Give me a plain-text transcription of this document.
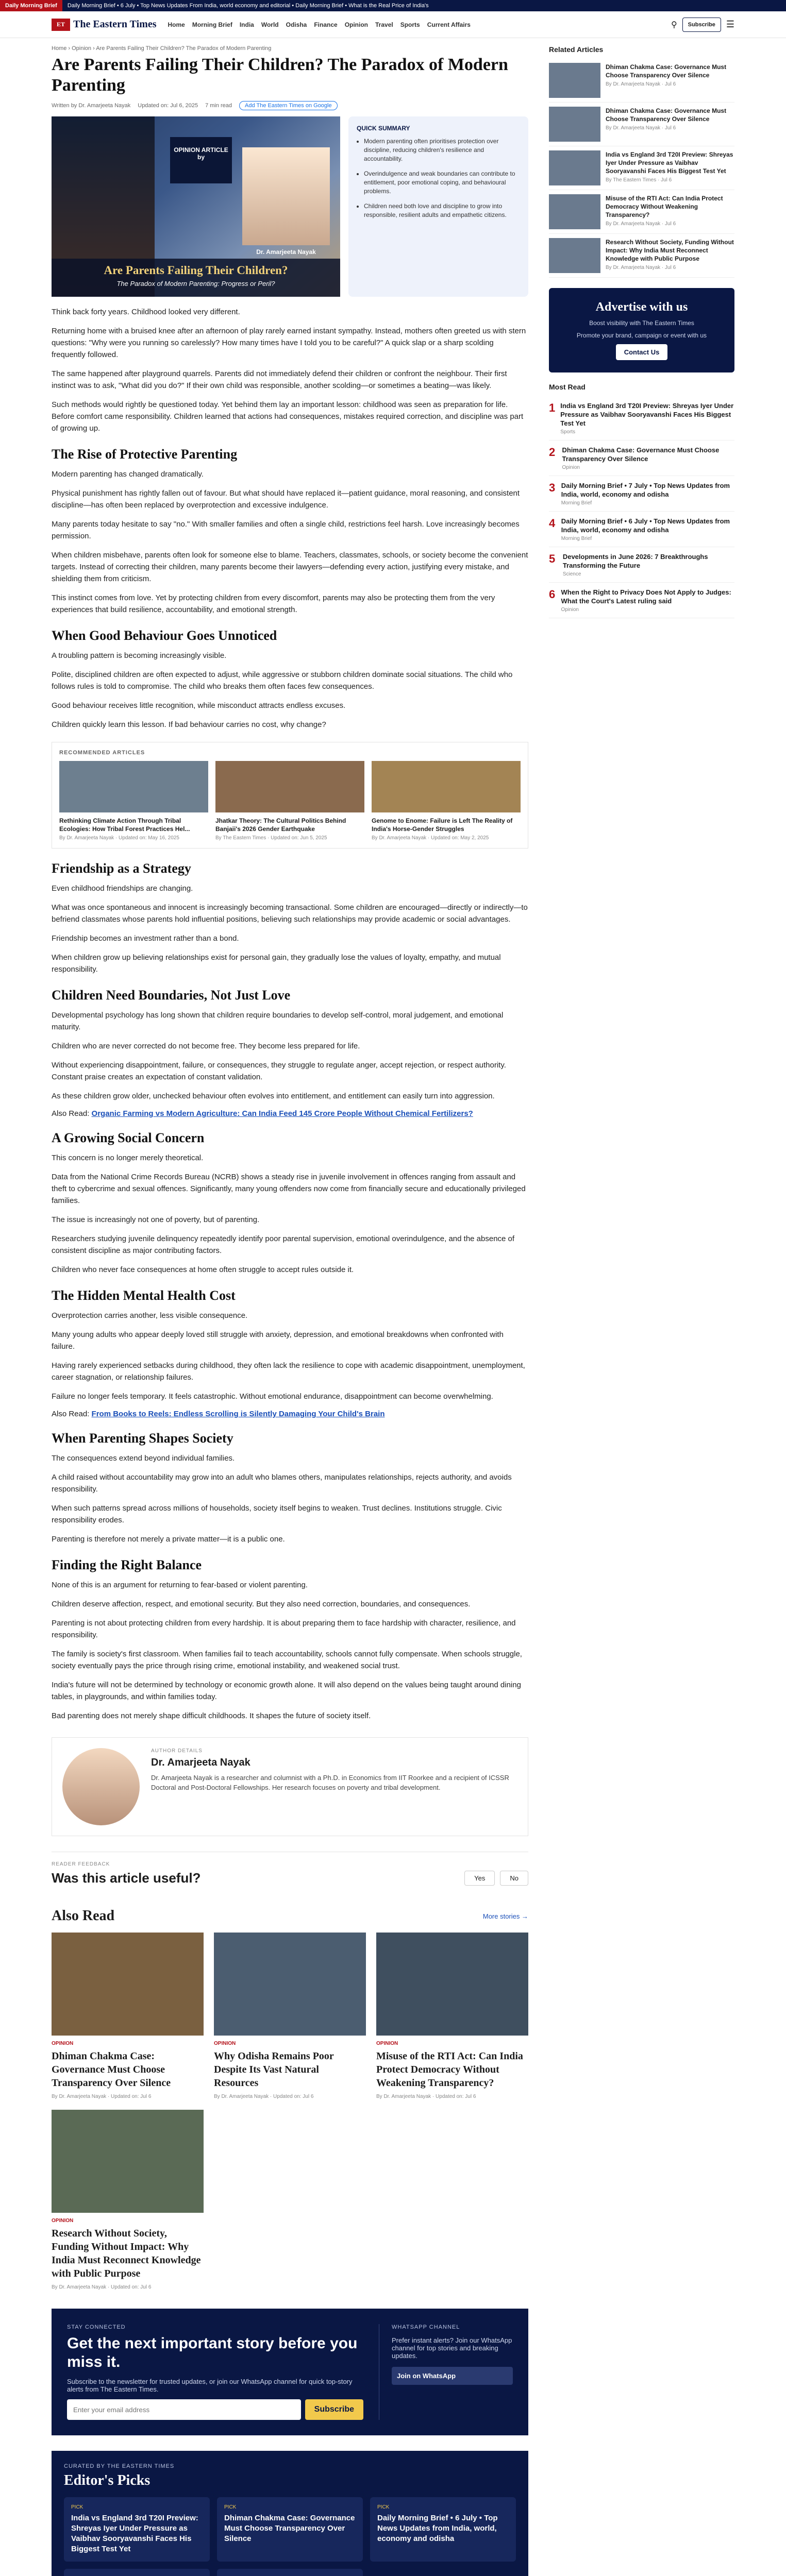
Daily Morning Brief	Daily Morning Brief • 6 July • Top News Updates From India, world economy and editorial • Daily Morning Brief • What is the Real Price of India's
ET The Eastern Times Home Morning Brief India World Odisha Finance Opinion Travel Sports Current Affairs	⚲	Subscribe	☰
Home › Opinion › Are Parents Failing Their Children? The Paradox of Modern Parenting
Are Parents Failing Their Children? The Paradox of Modern Parenting
Written by Dr. Amarjeeta Nayak Updated on: Jul 6, 2025 7 min read	Add The Eastern Times on Google
OPINION ARTICLE by
Dr. Amarjeeta Nayak
Are Parents Failing Their Children?
The Paradox of Modern Parenting: Progress or Peril?
QUICK SUMMARY
• Modern parenting often prioritises protection over discipline, reducing children's resilience and accountability.
• Overindulgence and weak boundaries can contribute to entitlement, poor emotional coping, and behavioural problems.
• Children need both love and discipline to grow into responsible, resilient adults and empathetic citizens.

Think back forty years. Childhood looked very different.

Returning home with a bruised knee after an afternoon of play rarely earned instant sympathy. Instead, mothers often greeted us with stern questions: "Why were you running so carelessly? How many times have I told you to be careful?" A quick slap or a sharp scolding frequently followed.

The same happened after playground quarrels. Parents did not immediately defend their children or confront the neighbour. Their first instinct was to ask, "What did you do?" If their own child was responsible, another scolding—or sometimes a beating—was likely.

Such methods would rightly be questioned today. Yet behind them lay an important lesson: childhood was seen as preparation for life. Before comfort came responsibility. Children learned that actions had consequences, mistakes required correction, and discipline was part of growing up.

The Rise of Protective Parenting

Modern parenting has changed dramatically.

Physical punishment has rightly fallen out of favour. But what should have replaced it—patient guidance, moral reasoning, and consistent discipline—has often been replaced by overprotection and excessive indulgence.

Many parents today hesitate to say "no." With smaller families and often a single child, restrictions feel harsh. Love increasingly becomes permission.

When children misbehave, parents often look for someone else to blame. Teachers, classmates, schools, or society become the convenient targets. Instead of correcting their children, many parents become their lawyers—defending every action, justifying every mistake, and shielding them from criticism.

This instinct comes from love. Yet by protecting children from every discomfort, parents may also be protecting them from the very experiences that build resilience, accountability, and emotional strength.

When Good Behaviour Goes Unnoticed

A troubling pattern is becoming increasingly visible.

Polite, disciplined children are often expected to adjust, while aggressive or stubborn children dominate social situations. The child who follows rules is told to compromise. The child who breaks them often faces few consequences.

Good behaviour receives little recognition, while misconduct attracts endless excuses.

Children quickly learn this lesson. If bad behaviour carries no cost, why change?

RECOMMENDED ARTICLES
Rethinking Climate Action Through Tribal Ecologies: How Tribal Forest Practices Hel...
By Dr. Amarjeeta Nayak · Updated on: May 16, 2025
Jhatkar Theory: The Cultural Politics Behind Banjaii's 2026 Gender Earthquake
By The Eastern Times · Updated on: Jun 5, 2025
Genome to Enome: Failure is Left The Reality of India's Horse-Gender Struggles
By Dr. Amarjeeta Nayak · Updated on: May 2, 2025
Friendship as a Strategy

Even childhood friendships are changing.

What was once spontaneous and innocent is increasingly becoming transactional. Some children are encouraged—directly or indirectly—to befriend classmates whose parents hold influential positions, believing such relationships may provide academic or social advantages.

Friendship becomes an investment rather than a bond.

When children grow up believing relationships exist for personal gain, they gradually lose the values of loyalty, empathy, and mutual responsibility.

Children Need Boundaries, Not Just Love

Developmental psychology has long shown that children require boundaries to develop self-control, moral judgement, and emotional maturity.

Children who are never corrected do not become free. They become less prepared for life.

Without experiencing disappointment, failure, or consequences, they struggle to regulate anger, accept rejection, or respect authority. Constant praise creates an expectation of constant validation.

As these children grow older, unchecked behaviour often evolves into entitlement, and entitlement can easily turn into aggression.

Also Read: Organic Farming vs Modern Agriculture: Can India Feed 145 Crore People Without Chemical Fertilizers?
A Growing Social Concern

This concern is no longer merely theoretical.

Data from the National Crime Records Bureau (NCRB) shows a steady rise in juvenile involvement in offences ranging from assault and theft to cybercrime and sexual offences. Significantly, many young offenders now come from financially secure and educationally privileged families.

The issue is increasingly not one of poverty, but of parenting.

Researchers studying juvenile delinquency repeatedly identify poor parental supervision, emotional overindulgence, and the absence of consistent discipline as major contributing factors.

Children who never face consequences at home often struggle to accept rules outside it.

The Hidden Mental Health Cost

Overprotection carries another, less visible consequence.

Many young adults who appear deeply loved still struggle with anxiety, depression, and emotional breakdowns when confronted with failure.

Having rarely experienced setbacks during childhood, they often lack the resilience to cope with academic disappointment, unemployment, career stagnation, or relationship failures.

Failure no longer feels temporary. It feels catastrophic. Without emotional endurance, disappointment can become overwhelming.

Also Read: From Books to Reels: Endless Scrolling is Silently Damaging Your Child's Brain
When Parenting Shapes Society

The consequences extend beyond individual families.

A child raised without accountability may grow into an adult who blames others, manipulates relationships, rejects authority, and avoids responsibility.

When such patterns spread across millions of households, society itself begins to weaken. Trust declines. Institutions struggle. Civic responsibility erodes.

Parenting is therefore not merely a private matter—it is a public one.

Finding the Right Balance

None of this is an argument for returning to fear-based or violent parenting.

Children deserve affection, respect, and emotional security. But they also need correction, boundaries, and consequences.

Parenting is not about protecting children from every hardship. It is about preparing them to face hardship with character, resilience, and responsibility.

The family is society's first classroom. When families fail to teach accountability, schools cannot fully compensate. When schools struggle, society eventually pays the price through rising crime, emotional instability, and weakened social trust.

India's future will not be determined by technology or economic growth alone. It will also depend on the values being taught around dining tables, in playgrounds, and within families today.

Bad parenting does not merely shape difficult childhoods. It shapes the future of society itself.

AUTHOR DETAILS
Dr. Amarjeeta Nayak
Dr. Amarjeeta Nayak is a researcher and columnist with a Ph.D. in Economics from IIT Roorkee and a recipient of ICSSR Doctoral and Post-Doctoral Fellowships. Her research focuses on poverty and tribal development.
READER FEEDBACK
Was this article useful?	Yes	No
Also Read	More stories →
OPINION
Dhiman Chakma Case: Governance Must Choose Transparency Over Silence
By Dr. Amarjeeta Nayak · Updated on: Jul 6
OPINION
Why Odisha Remains Poor Despite Its Vast Natural Resources
By Dr. Amarjeeta Nayak · Updated on: Jul 6
OPINION
Misuse of the RTI Act: Can India Protect Democracy Without Weakening Transparency?
By Dr. Amarjeeta Nayak · Updated on: Jul 6
OPINION
Research Without Society, Funding Without Impact: Why India Must Reconnect Knowledge with Public Purpose
By Dr. Amarjeeta Nayak · Updated on: Jul 6
STAY CONNECTED
Get the next important story before you miss it.

Subscribe to the newsletter for trusted updates, or join our WhatsApp channel for quick top-story alerts from The Eastern Times.

Enter your email address
Subscribe
WHATSAPP CHANNEL

Prefer instant alerts? Join our WhatsApp channel for top stories and breaking updates.

Join on WhatsApp
CURATED BY THE EASTERN TIMES
Editor's Picks
PICK
India vs England 3rd T20I Preview: Shreyas Iyer Under Pressure as Vaibhav Sooryavanshi Faces His Biggest Test Yet
PICK
Dhiman Chakma Case: Governance Must Choose Transparency Over Silence
PICK
Daily Morning Brief • 6 July • Top News Updates from India, world, economy and odisha
Related Articles
Dhiman Chakma Case: Governance Must Choose Transparency Over Silence
By Dr. Amarjeeta Nayak · Jul 6
Dhiman Chakma Case: Governance Must Choose Transparency Over Silence
By Dr. Amarjeeta Nayak · Jul 6
India vs England 3rd T20I Preview: Shreyas Iyer Under Pressure as Vaibhav Sooryavanshi Faces His Biggest Test Yet
By The Eastern Times · Jul 6
Misuse of the RTI Act: Can India Protect Democracy Without Weakening Transparency?
By Dr. Amarjeeta Nayak · Jul 6
Research Without Society, Funding Without Impact: Why India Must Reconnect Knowledge with Public Purpose
By Dr. Amarjeeta Nayak · Jul 6
Advertise with us
Boost visibility with The Eastern Times
Promote your brand, campaign or event with us
Contact Us
Most Read
1 India vs England 3rd T20I Preview: Shreyas Iyer Under Pressure as Vaibhav Sooryavanshi Faces His Biggest Test Yet
Sports
2 Dhiman Chakma Case: Governance Must Choose Transparency Over Silence
Opinion
3 Daily Morning Brief • 7 July • Top News Updates from India, world, economy and odisha
Morning Brief
4 Daily Morning Brief • 6 July • Top News Updates from India, world, economy and odisha
Morning Brief
5	Developments in June 2026: 7 Breakthroughs Transforming the Future
Science
6 When the Right to Privacy Does Not Apply to Judges: What the Court's Latest ruling said
Opinion
